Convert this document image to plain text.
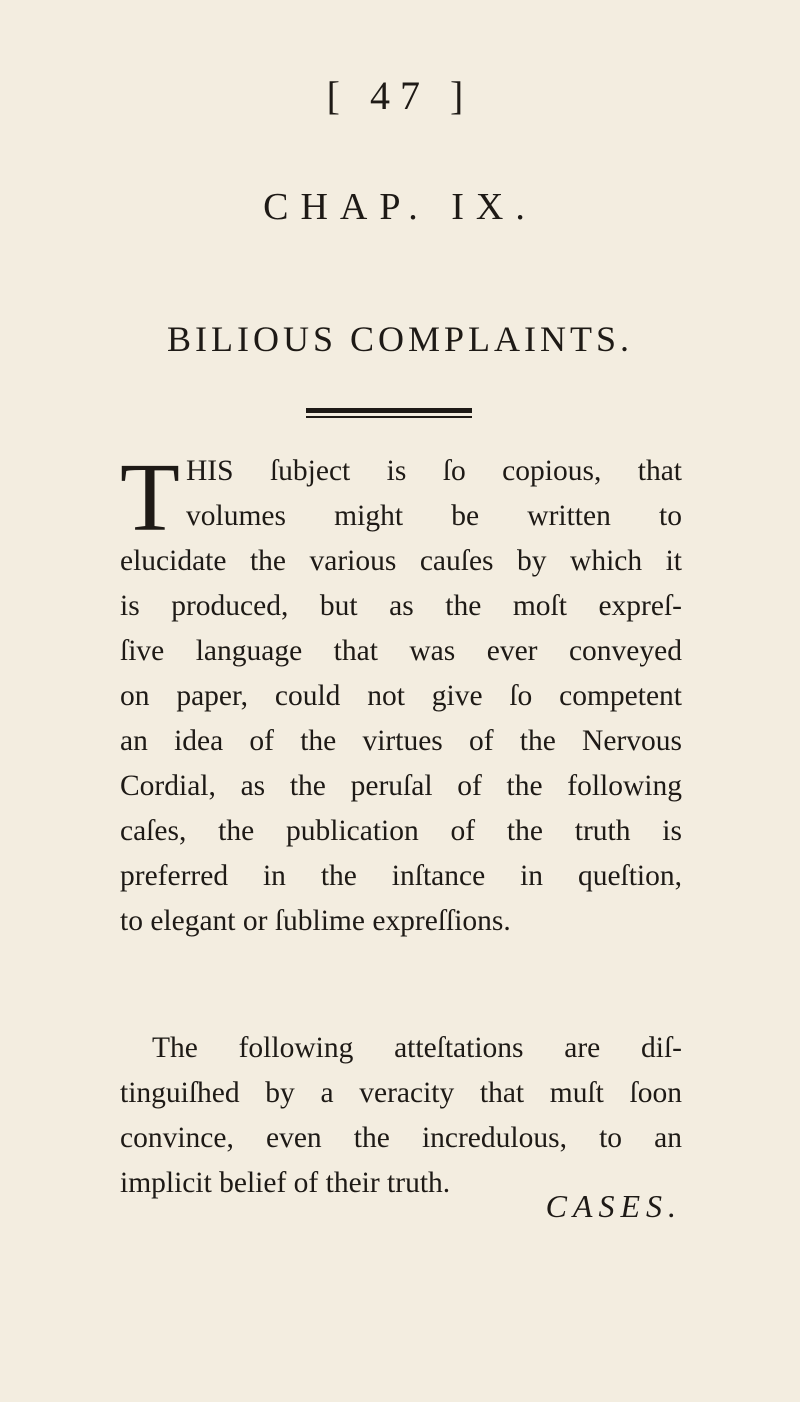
[ 47 ]
CHAP. IX.
BILIOUS COMPLAINTS.
T HIS ſubject is ſo copious, that
volumes might be written to
elucidate the various cauſes by which it
is produced, but as the moſt expreſ-
ſive language that was ever conveyed
on paper, could not give ſo competent
an idea of the virtues of the Nervous
Cordial, as the peruſal of the following
caſes, the publication of the truth is
preferred in the inſtance in queſtion,
to elegant or ſublime expreſſions.
The following atteſtations are diſ-
tinguiſhed by a veracity that muſt ſoon
convince, even the incredulous, to an
implicit belief of their truth.
CASES.
